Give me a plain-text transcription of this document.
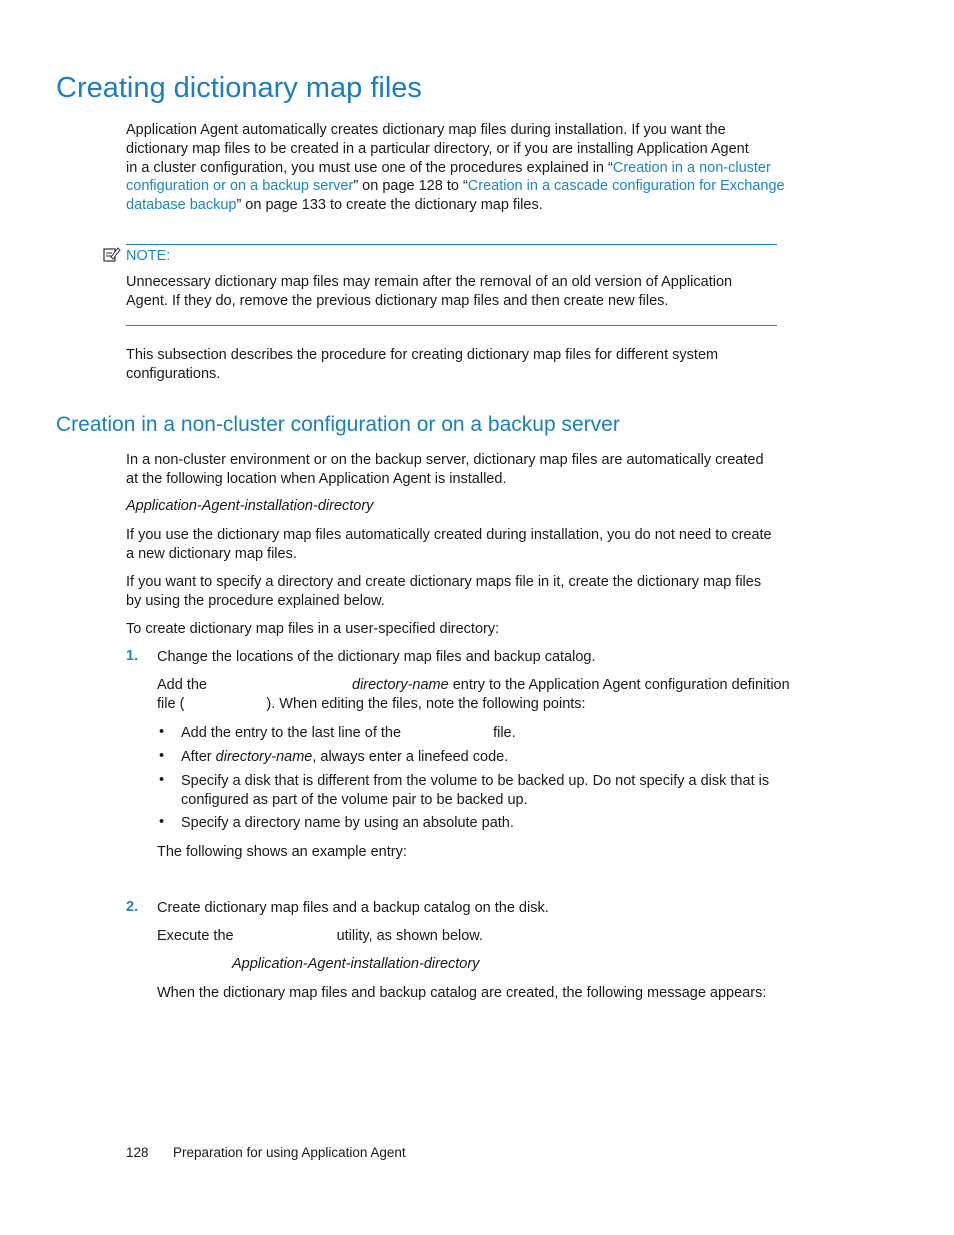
Creating dictionary map files
Application Agent automatically creates dictionary map files during installation. If you want the
dictionary map files to be created in a particular directory, or if you are installing Application Agent
in a cluster configuration, you must use one of the procedures explained in “Creation in a non-cluster
configuration or on a backup server” on page 128 to “Creation in a cascade configuration for Exchange
database backup” on page 133 to create the dictionary map files.
NOTE:
Unnecessary dictionary map files may remain after the removal of an old version of Application
Agent. If they do, remove the previous dictionary map files and then create new files.
This subsection describes the procedure for creating dictionary map files for different system
configurations.
Creation in a non-cluster configuration or on a backup server
In a non-cluster environment or on the backup server, dictionary map files are automatically created
at the following location when Application Agent is installed.
Application-Agent-installation-directory
If you use the dictionary map files automatically created during installation, you do not need to create
a new dictionary map files.
If you want to specify a directory and create dictionary maps file in it, create the dictionary map files
by using the procedure explained below.
To create dictionary map files in a user-specified directory:
1. Change the locations of the dictionary map files and backup catalog.
Add the	directory-name entry to the Application Agent configuration definition
file (	). When editing the files, note the following points:
• Add the entry to the last line of the	file.
• After directory-name, always enter a linefeed code.
• Specify a disk that is different from the volume to be backed up. Do not specify a disk that is
configured as part of the volume pair to be backed up.
• Specify a directory name by using an absolute path.
The following shows an example entry:
2. Create dictionary map files and a backup catalog on the disk.
Execute the	utility, as shown below.
Application-Agent-installation-directory
When the dictionary map files and backup catalog are created, the following message appears:
128 Preparation for using Application Agent
